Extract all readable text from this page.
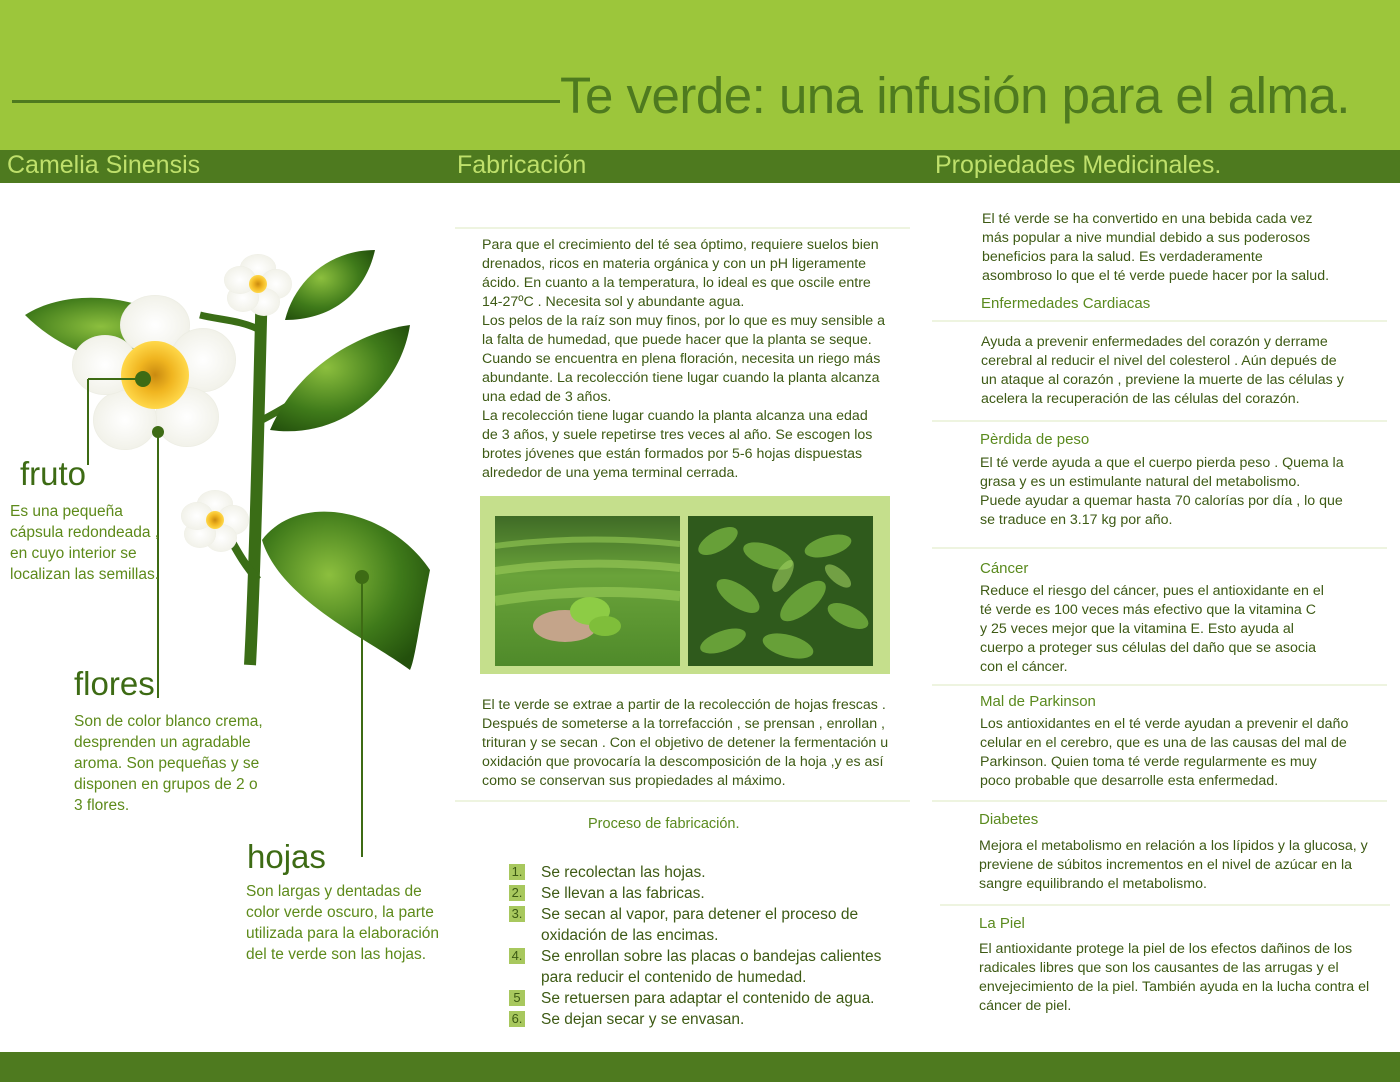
Te verde: una infusión para el alma.
Camelia Sinensis	Fabricación	Propiedades Medicinales.
fruto
Es una pequeña cápsula redondeada , en cuyo interior se localizan las semillas.
flores
Son de color blanco crema, desprenden un agradable aroma. Son pequeñas y se disponen en grupos de 2 o 3 flores.
hojas
Son largas y dentadas de color verde oscuro, la parte utilizada para la elaboración del te verde son las hojas.

Para que el crecimiento del té sea óptimo, requiere suelos bien drenados, ricos en materia orgánica y con un pH ligeramente ácido. En cuanto a la temperatura, lo ideal es que oscile entre 14-27ºC . Necesita sol y abundante agua.

Los pelos de la raíz son muy finos, por lo que es muy sensible a la falta de humedad, que puede hacer que la planta se seque. Cuando se encuentra en plena floración, necesita un riego más abundante. La recolección tiene lugar cuando la planta alcanza una edad de 3 años.

La recolección tiene lugar cuando la planta alcanza una edad de 3 años, y suele repetirse tres veces al año. Se escogen los brotes jóvenes que están formados por 5-6 hojas dispuestas alrededor de una yema terminal cerrada.

El te verde se extrae a partir de la recolección de hojas frescas . Después de someterse a la torrefacción , se prensan , enrollan , trituran y se secan . Con el objetivo de detener la fermentación u oxidación que provocaría la descomposición de la hoja ,y es así como se conservan sus propiedades al máximo.
Proceso de fabricación.
1. Se recolectan las hojas.
2. Se llevan a las fabricas.
3. Se secan al vapor, para detener el proceso de oxidación de las encimas.
4. Se enrollan sobre las placas o bandejas calientes para reducir el contenido de humedad.
5 Se retuersen para adaptar el contenido de agua.
6. Se dejan secar y se envasan.
El té verde se ha convertido en una bebida cada vez más popular a nive mundial debido a sus poderosos beneficios para la salud. Es verdaderamente asombroso lo que el té verde puede hacer por la salud.
Enfermedades Cardiacas
Ayuda a prevenir enfermedades del corazón y derrame cerebral al reducir el nivel del colesterol . Aún depués de un ataque al corazón , previene la muerte de las células y acelera la recuperación de las células del corazón.
Pèrdida de peso
El té verde ayuda a que el cuerpo pierda peso . Quema la grasa y es un estimulante natural del metabolismo. Puede ayudar a quemar hasta 70 calorías por día , lo que se traduce en 3.17 kg por año.
Cáncer
Reduce el riesgo del cáncer, pues el antioxidante en el té verde es 100 veces más efectivo que la vitamina C y 25 veces mejor que la vitamina E. Esto ayuda al cuerpo a proteger sus células del daño que se asocia con el cáncer.
Mal de Parkinson
Los antioxidantes en el té verde ayudan a prevenir el daño celular en el cerebro, que es una de las causas del mal de Parkinson. Quien toma té verde regularmente es muy poco probable que desarrolle esta enfermedad.
Diabetes
Mejora el metabolismo en relación a los lípidos y la glucosa, y previene de súbitos incrementos en el nivel de azúcar en la sangre equilibrando el metabolismo.
La Piel
El antioxidante protege la piel de los efectos dañinos de los radicales libres que son los causantes de las arrugas y el envejecimiento de la piel. También ayuda en la lucha contra el cáncer de piel.
